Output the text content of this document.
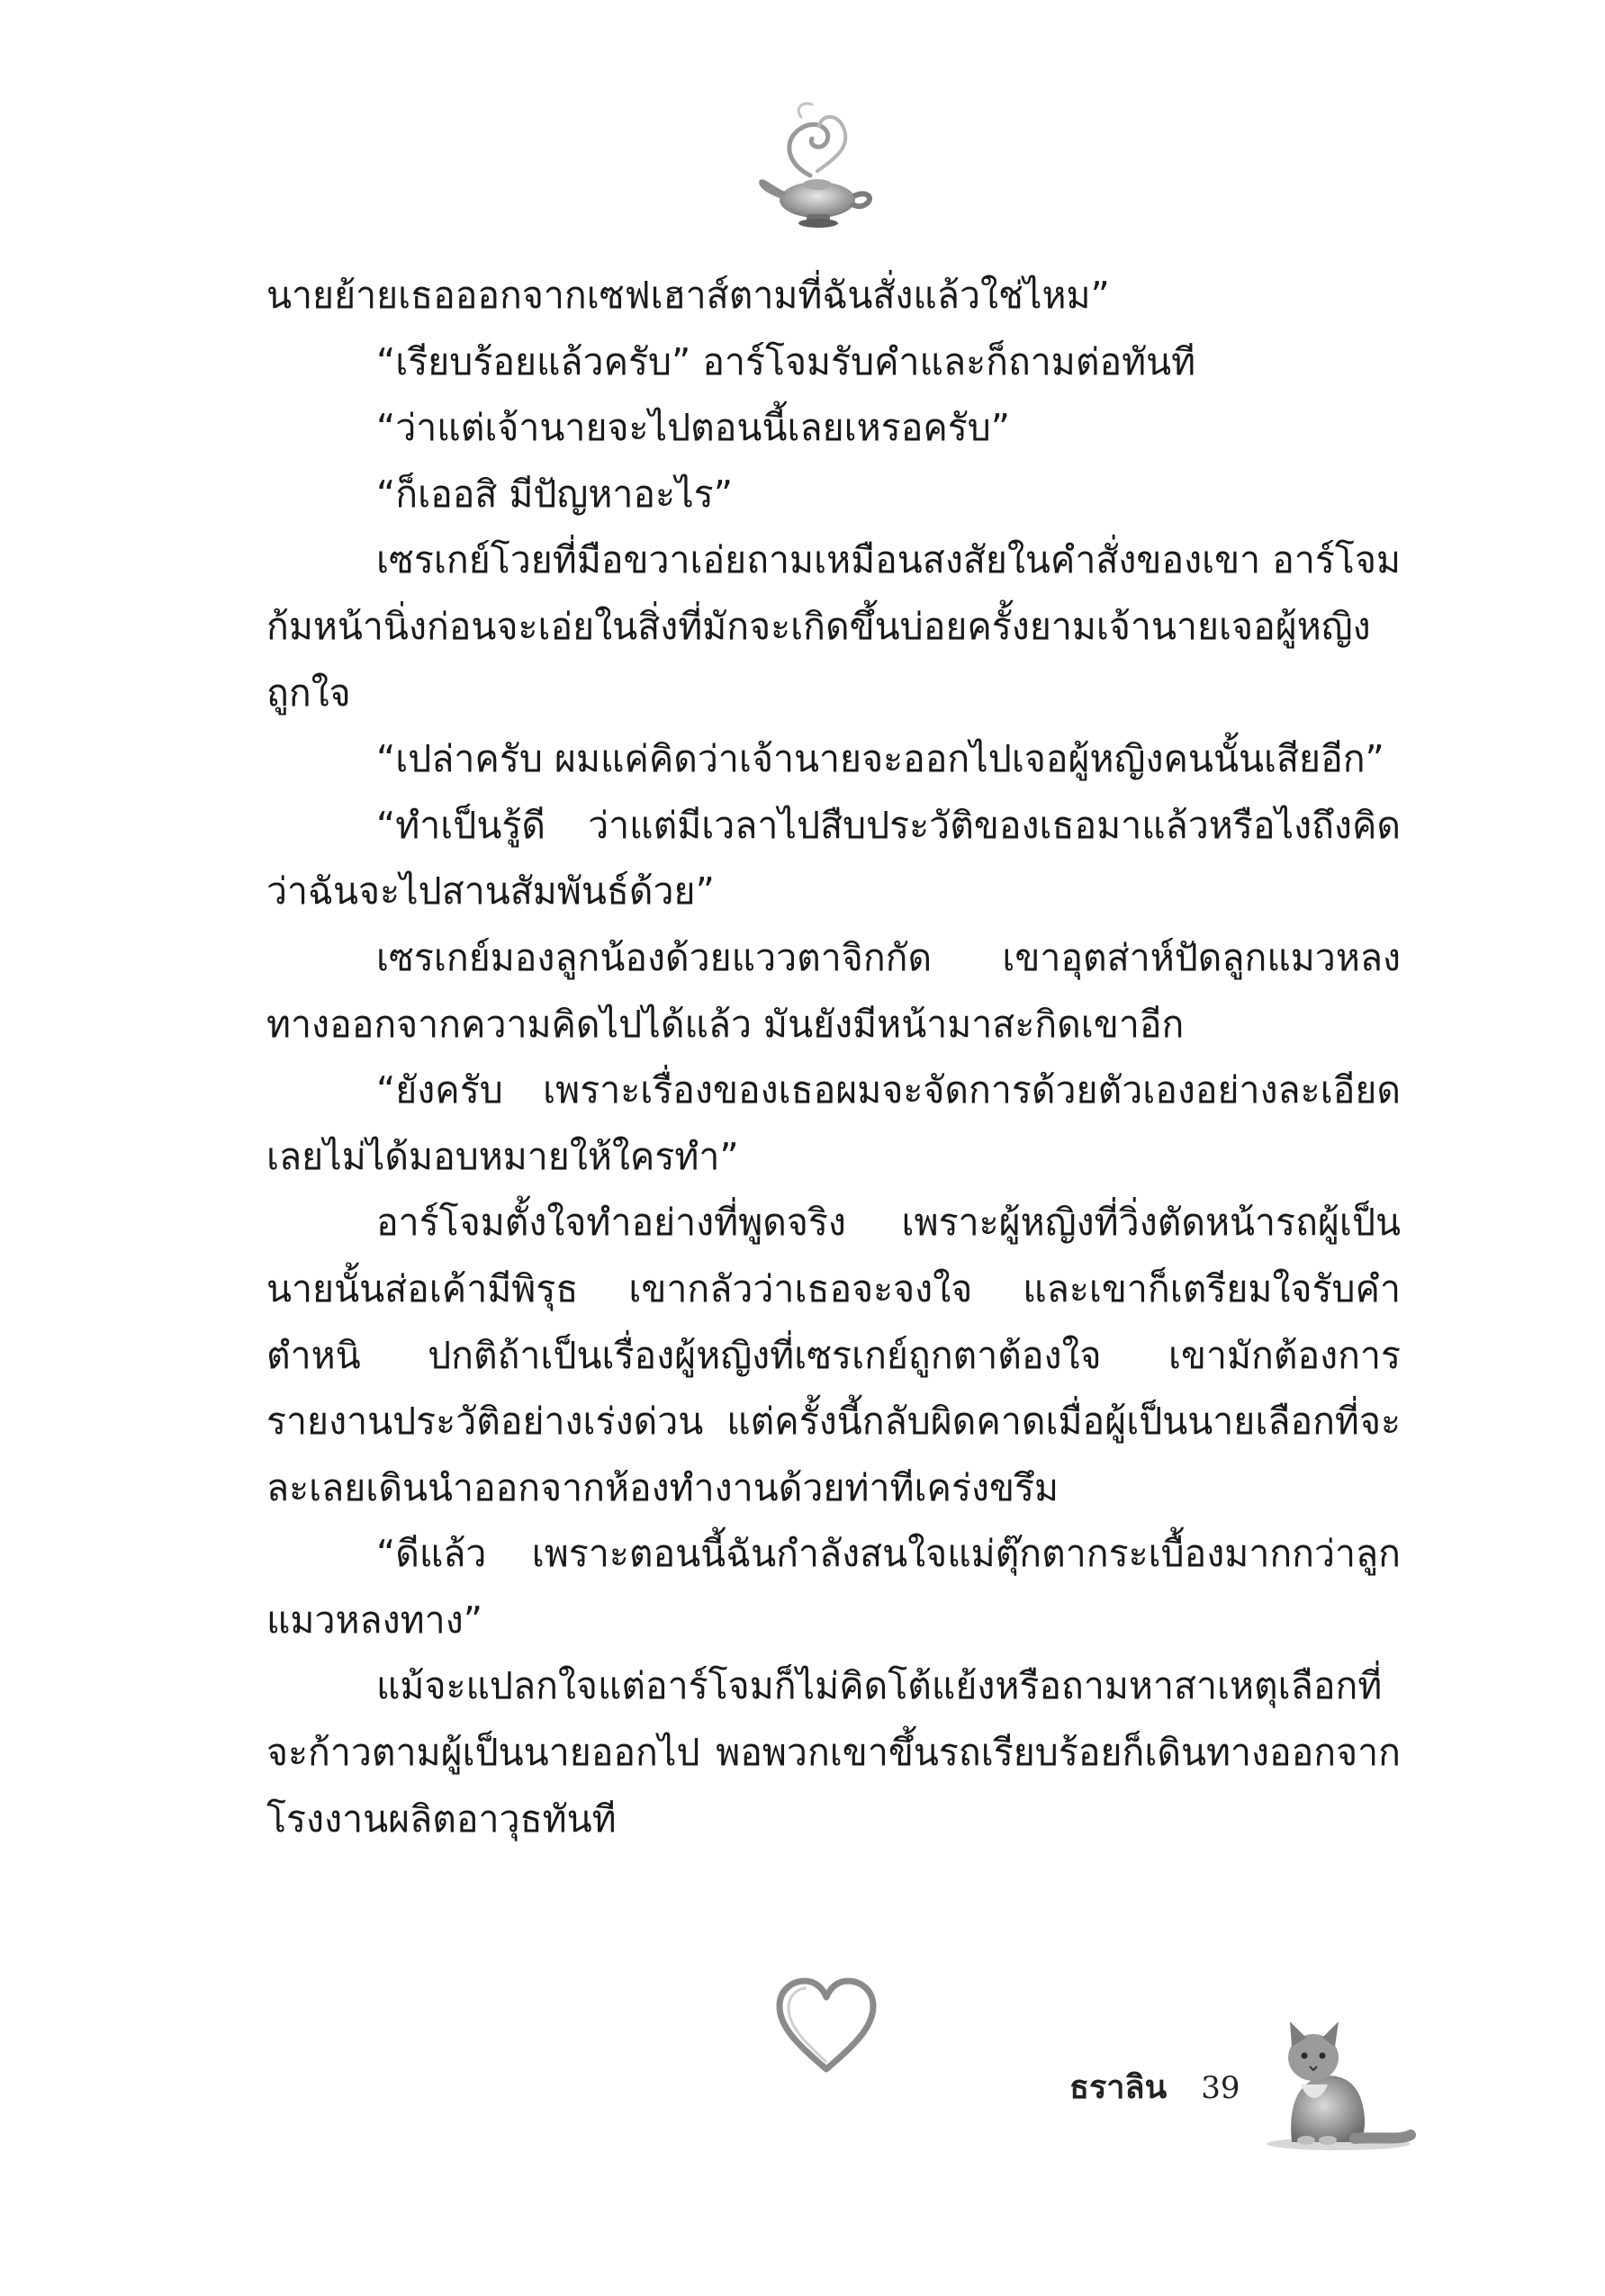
นายย้ายเธอออกจากเซฟเฮาส์ตามที่ฉันสั่งแล้วใช่ไหม”

“เรียบร้อยแล้วครับ” อาร์โจมรับคำและก็ถามต่อทันที

“ว่าแต่เจ้านายจะไปตอนนี้เลยเหรอครับ”

“ก็เออสิ มีปัญหาอะไร”

เซรเกย์โวยที่มือขวาเอ่ยถามเหมือนสงสัยในคำสั่งของเขา อาร์โจมก้มหน้านิ่งก่อนจะเอ่ยในสิ่งที่มักจะเกิดขึ้นบ่อยครั้งยามเจ้านายเจอผู้หญิงถูกใจ

“เปล่าครับ ผมแค่คิดว่าเจ้านายจะออกไปเจอผู้หญิงคนนั้นเสียอีก”

“ทำเป็นรู้ดี ว่าแต่มีเวลาไปสืบประวัติของเธอมาแล้วหรือไงถึงคิดว่าฉันจะไปสานสัมพันธ์ด้วย”

เซรเกย์มองลูกน้องด้วยแววตาจิกกัด เขาอุตส่าห์ปัดลูกแมวหลงทางออกจากความคิดไปได้แล้ว มันยังมีหน้ามาสะกิดเขาอีก

“ยังครับ เพราะเรื่องของเธอผมจะจัดการด้วยตัวเองอย่างละเอียดเลยไม่ได้มอบหมายให้ใครทำ”

อาร์โจมตั้งใจทำอย่างที่พูดจริง เพราะผู้หญิงที่วิ่งตัดหน้ารถผู้เป็นนายนั้นส่อเค้ามีพิรุธ เขากลัวว่าเธอจะจงใจ และเขาก็เตรียมใจรับคำตำหนิ ปกติถ้าเป็นเรื่องผู้หญิงที่เซรเกย์ถูกตาต้องใจ เขามักต้องการรายงานประวัติอย่างเร่งด่วน แต่ครั้งนี้กลับผิดคาดเมื่อผู้เป็นนายเลือกที่จะละเลยเดินนำออกจากห้องทำงานด้วยท่าทีเคร่งขรึม

“ดีแล้ว เพราะตอนนี้ฉันกำลังสนใจแม่ตุ๊กตากระเบื้องมากกว่าลูกแมวหลงทาง”

แม้จะแปลกใจแต่อาร์โจมก็ไม่คิดโต้แย้งหรือถามหาสาเหตุเลือกที่จะก้าวตามผู้เป็นนายออกไป พอพวกเขาขึ้นรถเรียบร้อยก็เดินทางออกจากโรงงานผลิตอาวุธทันที

ธราลิน 39
